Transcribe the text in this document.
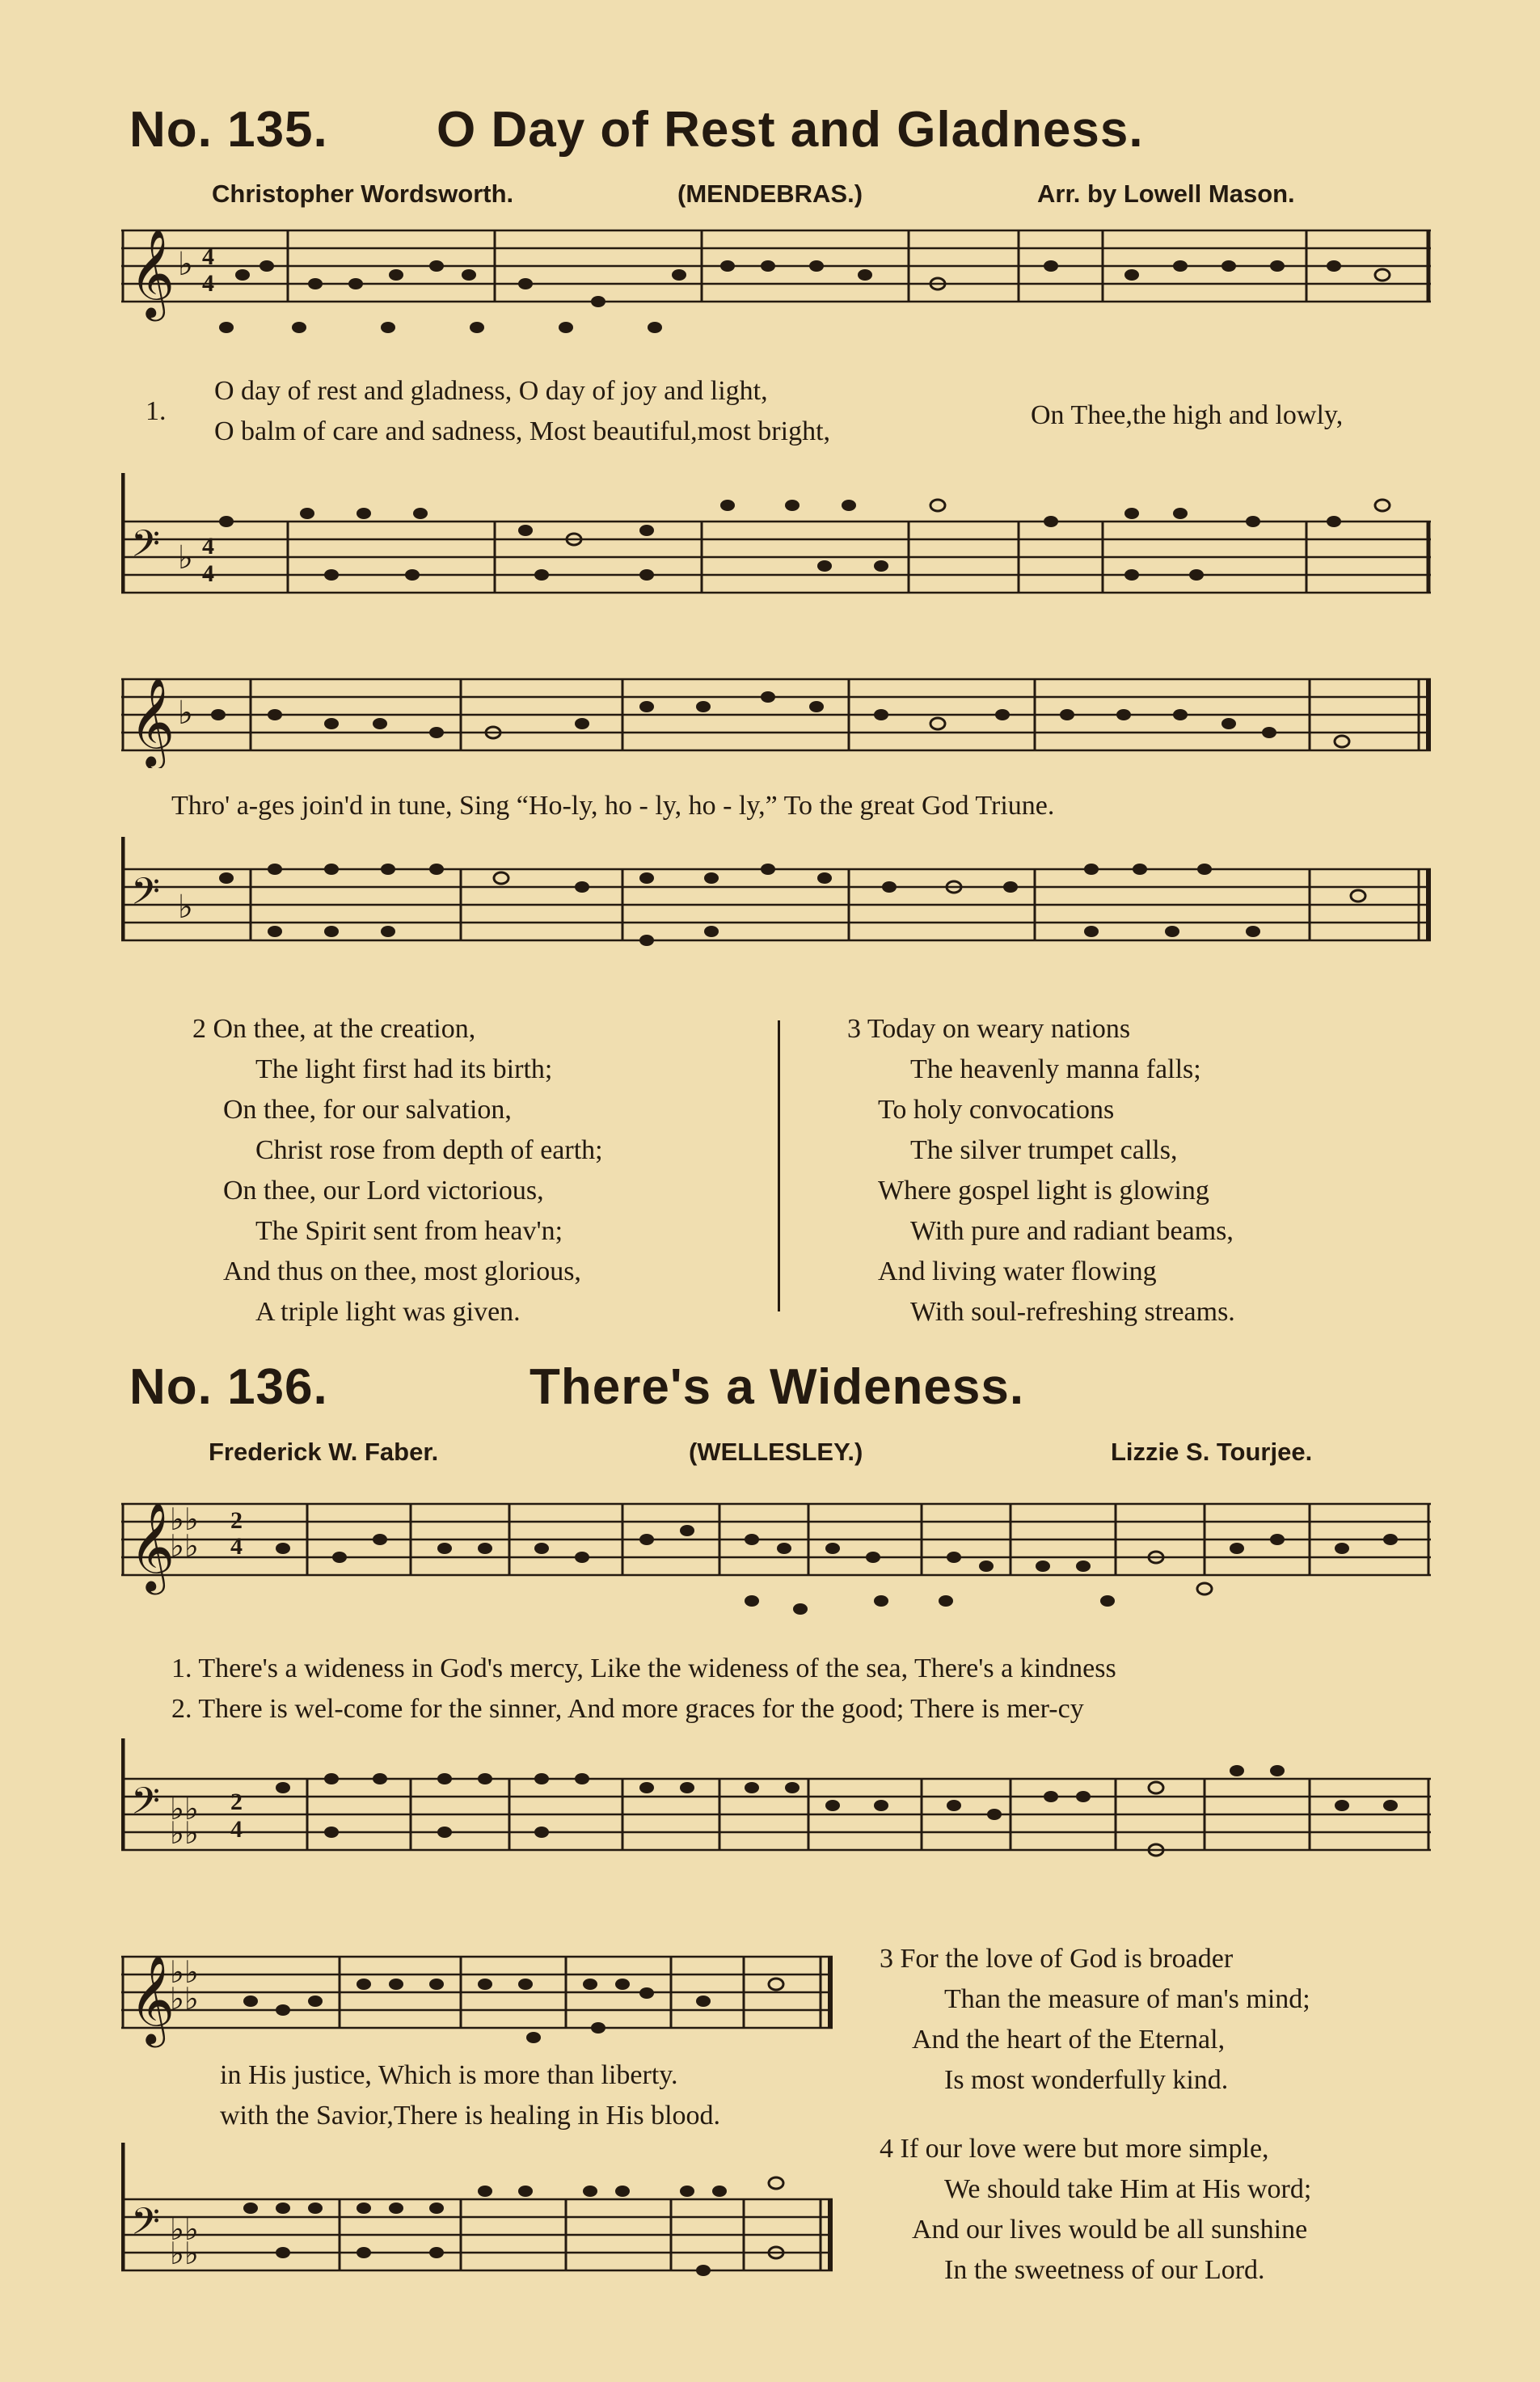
No. 135. O Day of Rest and Gladness.
Christopher Wordsworth.	(MENDEBRAS.)	Arr. by Lowell Mason.
𝄞 ♭ 4
4
1.
O day of rest and gladness, O day of joy and light,
O balm of care and sadness, Most beautiful,most bright,
On Thee,the high and lowly,
𝄢 ♭ 4
4
𝄞 ♭
Thro' a-ges join'd in tune, Sing “Ho-ly, ho - ly, ho - ly,” To the great God Triune.
𝄢 ♭
2 On thee, at the creation,
The light first had its birth;
On thee, for our salvation,
Christ rose from depth of earth;
On thee, our Lord victorious,
The Spirit sent from heav'n;
And thus on thee, most glorious,
A triple light was given.
3 Today on weary nations
The heavenly manna falls;
To holy convocations
The silver trumpet calls,
Where gospel light is glowing
With pure and radiant beams,
And living water flowing
With soul-refreshing streams.
No. 136.	There's a Wideness.
Frederick W. Faber.	(WELLESLEY.)	Lizzie S. Tourjee.
𝄞
♭♭
♭♭
2
4
1. There's a wideness in God's mercy, Like the wideness of the sea, There's a kindness
2. There is wel-come for the sinner, And more graces for the good; There is mer-cy
𝄢 ♭♭
♭♭
2
4
𝄞
♭♭
♭♭
in His justice, Which is more than liberty.
with the Savior,There is healing in His blood.
𝄢 ♭♭
♭♭
3 For the love of God is broader
Than the measure of man's mind;
And the heart of the Eternal,
Is most wonderfully kind.
4 If our love were but more simple,
We should take Him at His word;
And our lives would be all sunshine
In the sweetness of our Lord.
